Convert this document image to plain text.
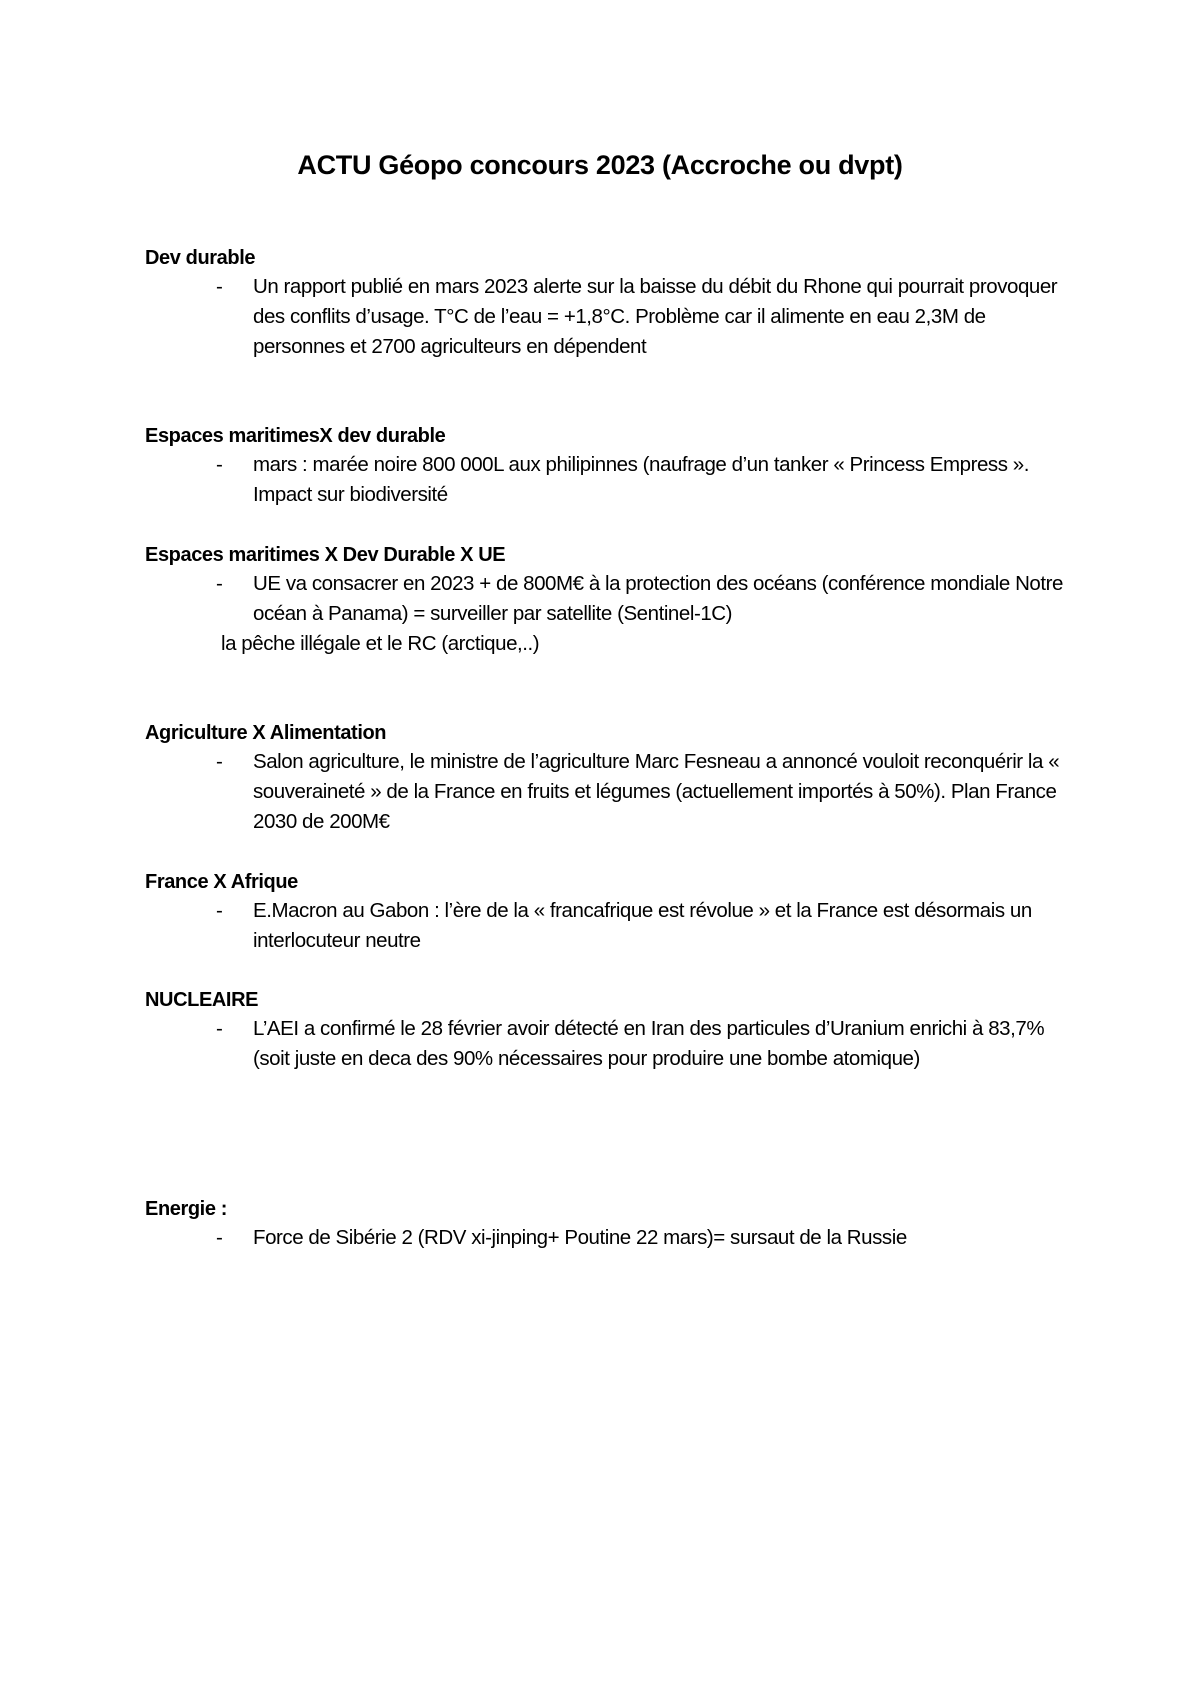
ACTU Géopo concours 2023 (Accroche ou dvpt)
Dev durable
- Un rapport publié en mars 2023 alerte sur la baisse du débit du Rhone qui pourrait provoquer des conflits d’usage. T°C de l’eau = +1,8°C. Problème car il alimente en eau 2,3M de personnes et 2700 agriculteurs en dépendent
Espaces maritimesX dev durable
- mars : marée noire 800 000L aux philipinnes (naufrage d’un tanker « Princess Empress ». Impact sur biodiversité
Espaces maritimes X Dev Durable X UE
- UE va consacrer en 2023 + de 800M€ à la protection des océans (conférence mondiale Notre océan à Panama) = surveiller par satellite (Sentinel-1C)
la pêche illégale et le RC (arctique,..)
Agriculture X Alimentation
- Salon agriculture, le ministre de l’agriculture Marc Fesneau a annoncé vouloit reconquérir la « souveraineté » de la France en fruits et légumes (actuellement importés à 50%). Plan France 2030 de 200M€
France X Afrique
- E.Macron au Gabon : l’ère de la « francafrique est révolue » et la France est désormais un interlocuteur neutre
NUCLEAIRE
- L’AEI a confirmé le 28 février avoir détecté en Iran des particules d’Uranium enrichi à 83,7% (soit juste en deca des 90% nécessaires pour produire une bombe atomique)
Energie :
- Force de Sibérie 2 (RDV xi-jinping+ Poutine 22 mars)= sursaut de la Russie
